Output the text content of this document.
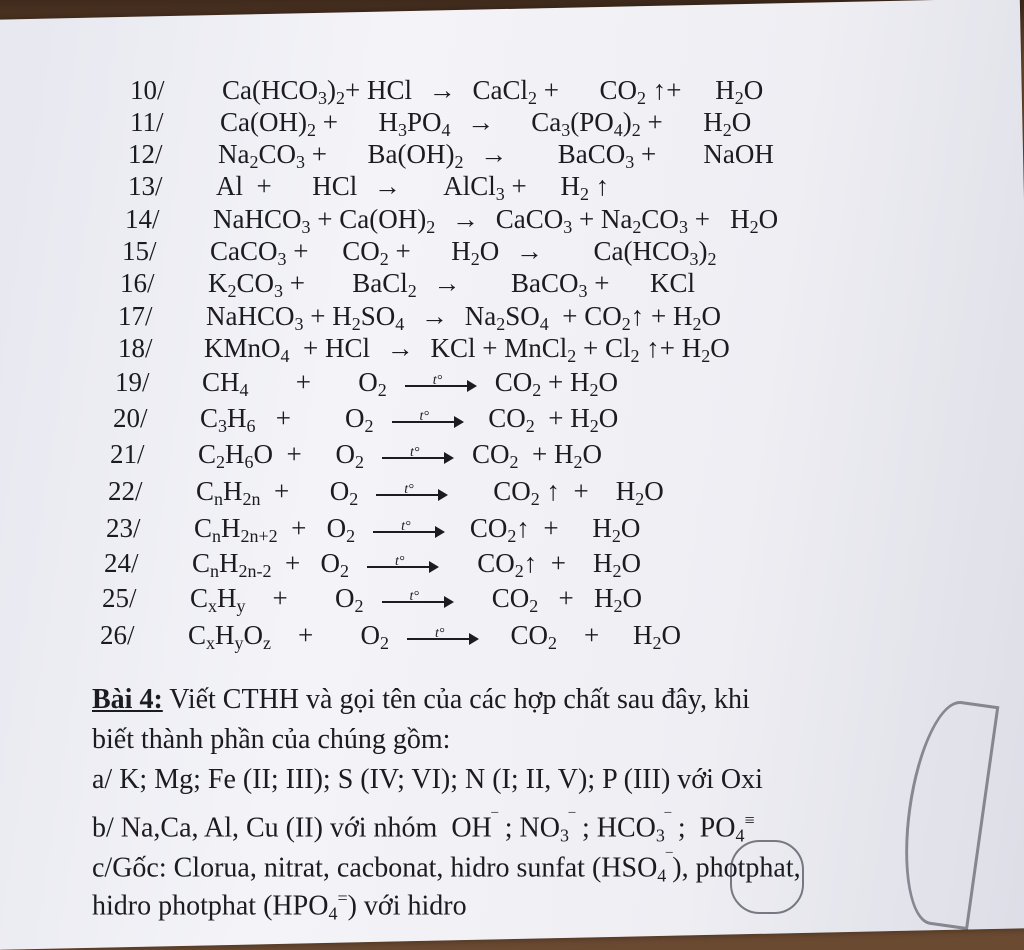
10/ $Ca(HCO_3)_2+$ HCl → CaCl$_2$ +      $CO_2$ ↑+     $H_2O$
11/ $Ca(OH)_2$ +      $H_3PO_4$ →    $Ca_3(PO_4)_2$ +      $H_2O$
12/ $Na_2CO_3$ +      $Ba(OH)_2$ →      BaCO$_3$ +       NaOH
13/ Al  +      HCl →     AlCl$_3$ +     $H_2$ ↑
14/ NaHCO$_3$ + $Ca(OH)_2$ → CaCO$_3$ + $Na_2CO_3 + H_2O$
15/ CaCO$_3$ +     $CO_2$ +      $H_2O$ →      $Ca(HCO_3)_2$
16/ $K_2CO_3$ +       BaCl$_2$ →      BaCO$_3$ +      KCl
17/ NaHCO$_3$ + $H_2SO_4 \to Na_2SO_4$  + $CO_2↑ + H_2O$
18/ KMnO$_4$  + HCl → KCl + MnCl$_2$ + $Cl_2$ ↑+ $H_2O$
19/ $CH_4$       +       $O_2$	t° $CO_2 + H_2O$
20/ $C_3H_6$   +        $O_2$	t° $CO_2 + H_2O$
21/ $C_2H_6O$  +     $O_2$	t° $CO_2 + H_2O$
22/ $C_nH_{2n}$  +      $O_2$	t° $CO_2$ ↑  +    $H_2O$
23/ $C_nH_{2n+2} + O_2$	t° $CO_2↑$  +     $H_2O$
24/ $C_nH_{2n-2} + O_2$	t° $CO_2↑$  +    $H_2O$
25/ $C_xH_y$    +       $O_2$	t° $CO_2 + H_2O$
26/ $C_xH_yO_z$    +       $O_2$	t° $CO_2$    +     $H_2O$
Bài 4: Viết CTHH và gọi tên của các hợp chất sau đây, khi
biết thành phần của chúng gồm:
a/ K; Mg; Fe (II; III); S (IV; VI); N (I; II, V); P (III) với Oxi
b/ Na,Ca, Al, Cu (II) với nhóm  OH‾ ; $NO_3^‾$ ; $HCO_3^‾$ ;  $PO_4^\equiv$
c/Gốc: Clorua, nitrat, cacbonat, hidro sunfat $(HSO_4^‾)$, photphat,
hidro photphat $(HPO_4^=)$ với hidro
